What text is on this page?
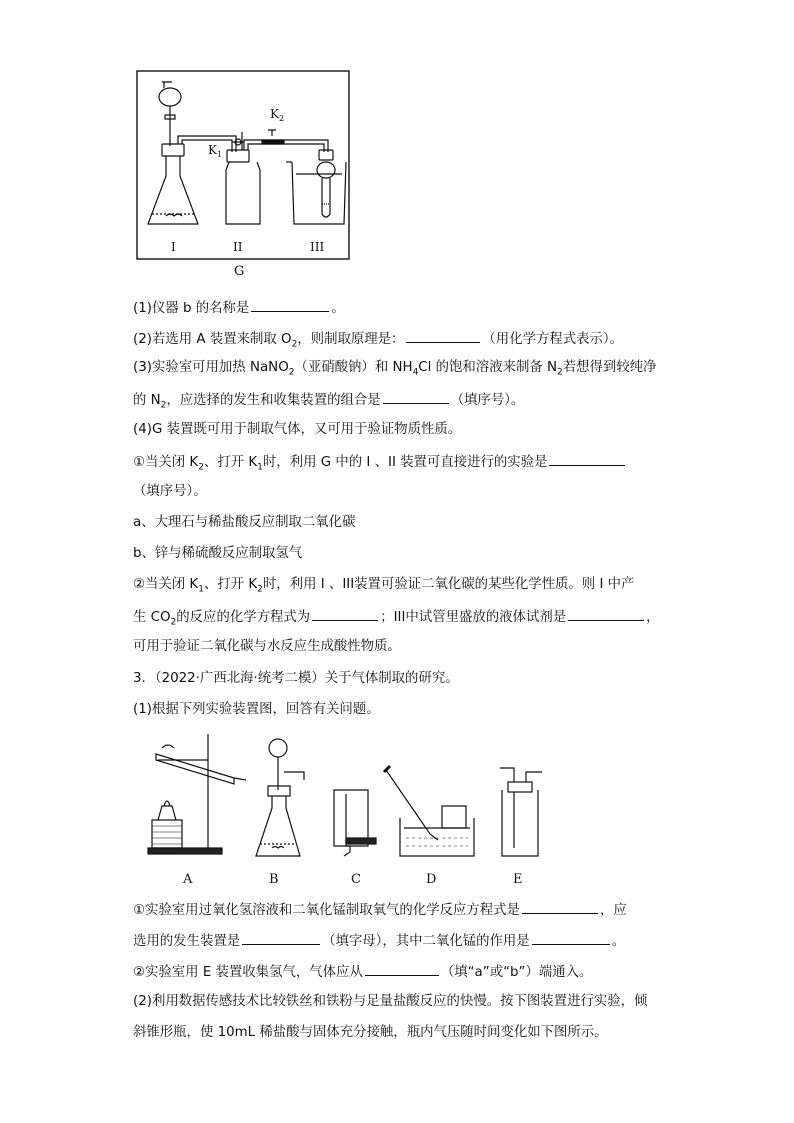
$K_1$
$K_2$
I	II	III
G
(1)仪器 b 的名称是	。
(2)若选用 A 装置来制取 $O_2$，则制取原理是：	（用化学方程式表示）。
(3)实验室可用加热 NaNO$_2$（亚硝酸钠）和 $NH_4Cl$ 的饱和溶液来制备 $N_2$若想得到较纯净
的 $N_2$，应选择的发生和收集装置的组合是	（填序号）。
(4)G 装置既可用于制取气体，又可用于验证物质性质。
①当关闭 $K_2$、打开 $K_1$时，利用 G 中的 I 、II 装置可直接进行的实验是
（填序号）。
a、大理石与稀盐酸反应制取二氧化碳
b、锌与稀硫酸反应制取氢气
②当关闭 $K_1$、打开 $K_2$时，利用 I 、III装置可验证二氧化碳的某些化学性质。则 I 中产
生 $CO_2$的反应的化学方程式为	；III中试管里盛放的液体试剂是	，
可用于验证二氧化碳与水反应生成酸性物质。
3．（2022·广西北海·统考二模）关于气体制取的研究。
(1)根据下列实验装置图，回答有关问题。
A	B	C	D	E
①实验室用过氧化氢溶液和二氧化锰制取氧气的化学反应方程式是	，应
选用的发生装置是	（填字母），其中二氧化锰的作用是	。
②实验室用 E 装置收集氢气，气体应从	（填“a”或“b”）端通入。
(2)利用数据传感技术比较铁丝和铁粉与足量盐酸反应的快慢。按下图装置进行实验，倾
斜锥形瓶，使 10mL 稀盐酸与固体充分接触，瓶内气压随时间变化如下图所示。
